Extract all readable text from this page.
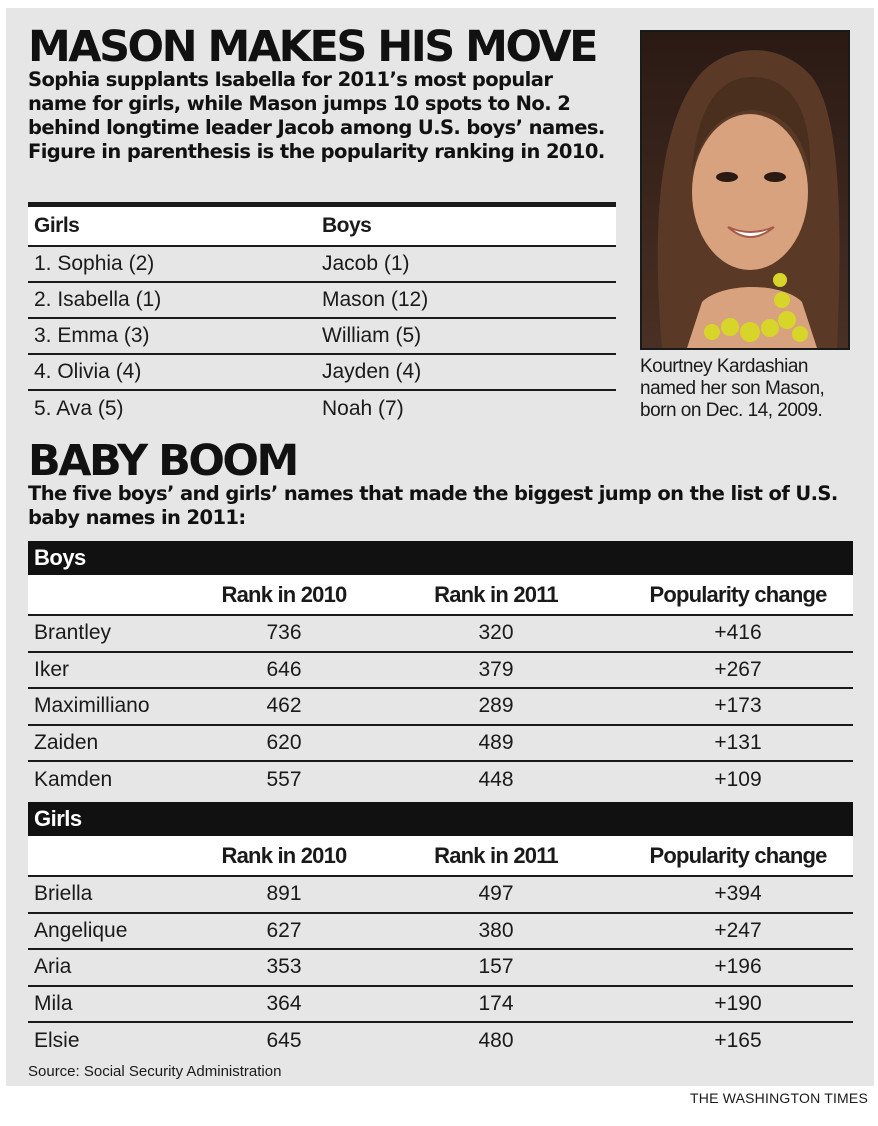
MASON MAKES HIS MOVE
Sophia supplants Isabella for 2011’s most popular name for girls, while Mason jumps 10 spots to No. 2 behind longtime leader Jacob among U.S. boys’ names. Figure in parenthesis is the popularity ranking in 2010.
Girls	Boys
1. Sophia (2)	Jacob (1)
2. Isabella (1)	Mason (12)
3. Emma (3)	William (5)
4. Olivia (4)	Jayden (4)
5. Ava (5)	Noah (7)
Kourtney Kardashian named her son Mason, born on Dec. 14, 2009.
BABY BOOM
The five boys’ and girls’ names that made the biggest jump on the list of U.S. baby names in 2011:
Boys
Rank in 2010	Rank in 2011	Popularity change
Brantley	736	320	+416
Iker	646	379	+267
Maximilliano	462	289	+173
Zaiden	620	489	+131
Kamden	557	448	+109
Girls
Rank in 2010	Rank in 2011	Popularity change
Briella	891	497	+394
Angelique	627	380	+247
Aria	353	157	+196
Mila	364	174	+190
Elsie	645	480	+165
Source: Social Security Administration
THE WASHINGTON TIMES
